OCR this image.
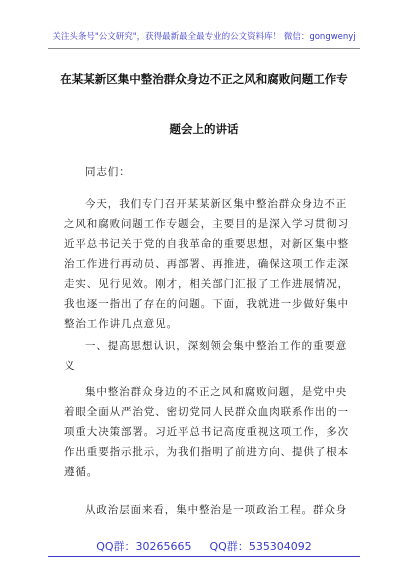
关注头条号"公文研究"，获得最新最全最专业的公文资料库！ 微信：gongwenyj
在某某新区集中整治群众身边不正之风和腐败问题工作专
题会上的讲话
同志们：
今天，我们专门召开某某新区集中整治群众身边不正
之风和腐败问题工作专题会，主要目的是深入学习贯彻习
近平总书记关于党的自我革命的重要思想，对新区集中整
治工作进行再动员、再部署、再推进，确保这项工作走深
走实、见行见效。刚才，相关部门汇报了工作进展情况，
我也逐一指出了存在的问题。下面，我就进一步做好集中
整治工作讲几点意见。
一、提高思想认识，深刻领会集中整治工作的重要意
义
集中整治群众身边的不正之风和腐败问题，是党中央
着眼全面从严治党、密切党同人民群众血肉联系作出的一
项重大决策部署。习近平总书记高度重视这项工作，多次
作出重要指示批示，为我们指明了前进方向、提供了根本
遵循。
从政治层面来看，集中整治是一项政治工程。群众身
QQ群：30265665 QQ群：535304092
